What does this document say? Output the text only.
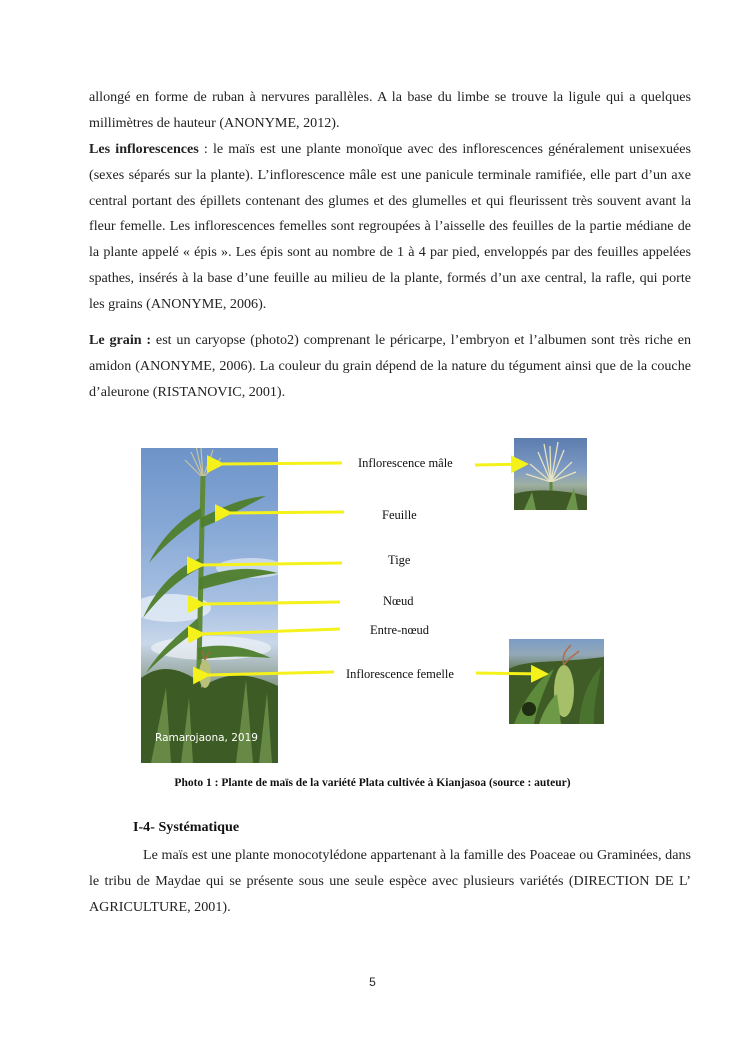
allongé en forme de ruban à nervures parallèles. A la base du limbe se trouve la ligule qui a quelques millimètres de hauteur (ANONYME, 2012).

Les inflorescences : le maïs est une plante monoïque avec des inflorescences généralement unisexuées (sexes séparés sur la plante). L’inflorescence mâle est une panicule terminale ramifiée, elle part d’un axe central portant des épillets contenant des glumes et des glumelles et qui fleurissent très souvent avant la fleur femelle. Les inflorescences femelles sont regroupées à l’aisselle des feuilles de la partie médiane de la plante appelé « épis ». Les épis sont au nombre de 1 à 4 par pied, enveloppés par des feuilles appelées spathes, insérés à la base d’une feuille au milieu de la plante, formés d’un axe central, la rafle, qui porte les grains (ANONYME, 2006).

Le grain : est un caryopse (photo2) comprenant le péricarpe, l’embryon et l’albumen sont très riche en amidon (ANONYME, 2006). La couleur du grain dépend de la nature du tégument ainsi que de la couche d’aleurone (RISTANOVIC, 2001).

Ramarojaona, 2019
Inflorescence mâle
Feuille
Tige
Nœud
Entre-nœud
Inflorescence femelle
Photo 1 : Plante de maïs de la variété Plata cultivée à Kianjasoa (source : auteur)
I-4- Systématique

Le maïs est une plante monocotylédone appartenant à la famille des Poaceae ou Graminées, dans le tribu de Maydae qui se présente sous une seule espèce avec plusieurs variétés (DIRECTION DE L’ AGRICULTURE, 2001).

5
